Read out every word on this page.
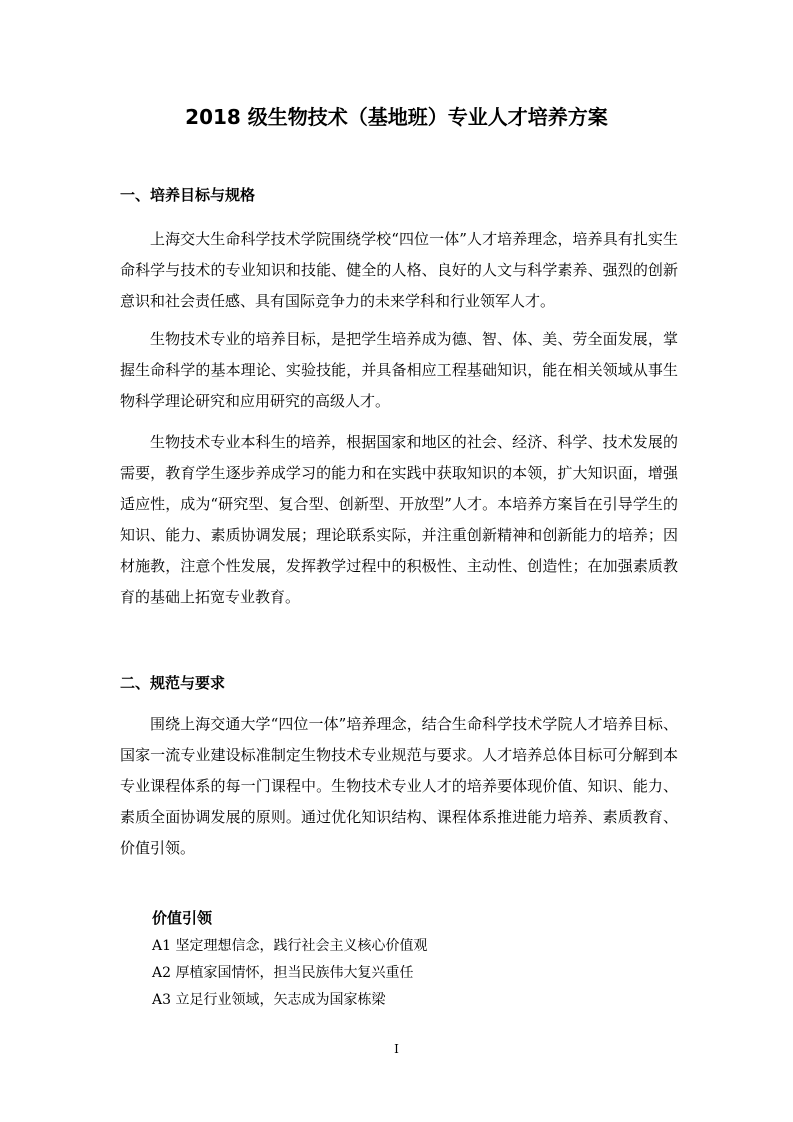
2018 级生物技术（基地班）专业人才培养方案
一、培养目标与规格

上海交大生命科学技术学院围绕学校“四位一体”人才培养理念，培养具有扎实生命科学与技术的专业知识和技能、健全的人格、良好的人文与科学素养、强烈的创新意识和社会责任感、具有国际竞争力的未来学科和行业领军人才。

生物技术专业的培养目标，是把学生培养成为德、智、体、美、劳全面发展，掌握生命科学的基本理论、实验技能，并具备相应工程基础知识，能在相关领域从事生物科学理论研究和应用研究的高级人才。

生物技术专业本科生的培养，根据国家和地区的社会、经济、科学、技术发展的需要，教育学生逐步养成学习的能力和在实践中获取知识的本领，扩大知识面，增强适应性，成为“研究型、复合型、创新型、开放型”人才。本培养方案旨在引导学生的知识、能力、素质协调发展；理论联系实际，并注重创新精神和创新能力的培养；因材施教，注意个性发展，发挥教学过程中的积极性、主动性、创造性；在加强素质教育的基础上拓宽专业教育。

二、规范与要求

围绕上海交通大学“四位一体”培养理念，结合生命科学技术学院人才培养目标、国家一流专业建设标准制定生物技术专业规范与要求。人才培养总体目标可分解到本专业课程体系的每一门课程中。生物技术专业人才的培养要体现价值、知识、能力、素质全面协调发展的原则。通过优化知识结构、课程体系推进能力培养、素质教育、价值引领。

价值引领
A1 坚定理想信念，践行社会主义核心价值观
A2 厚植家国情怀，担当民族伟大复兴重任
A3 立足行业领域，矢志成为国家栋梁
I
